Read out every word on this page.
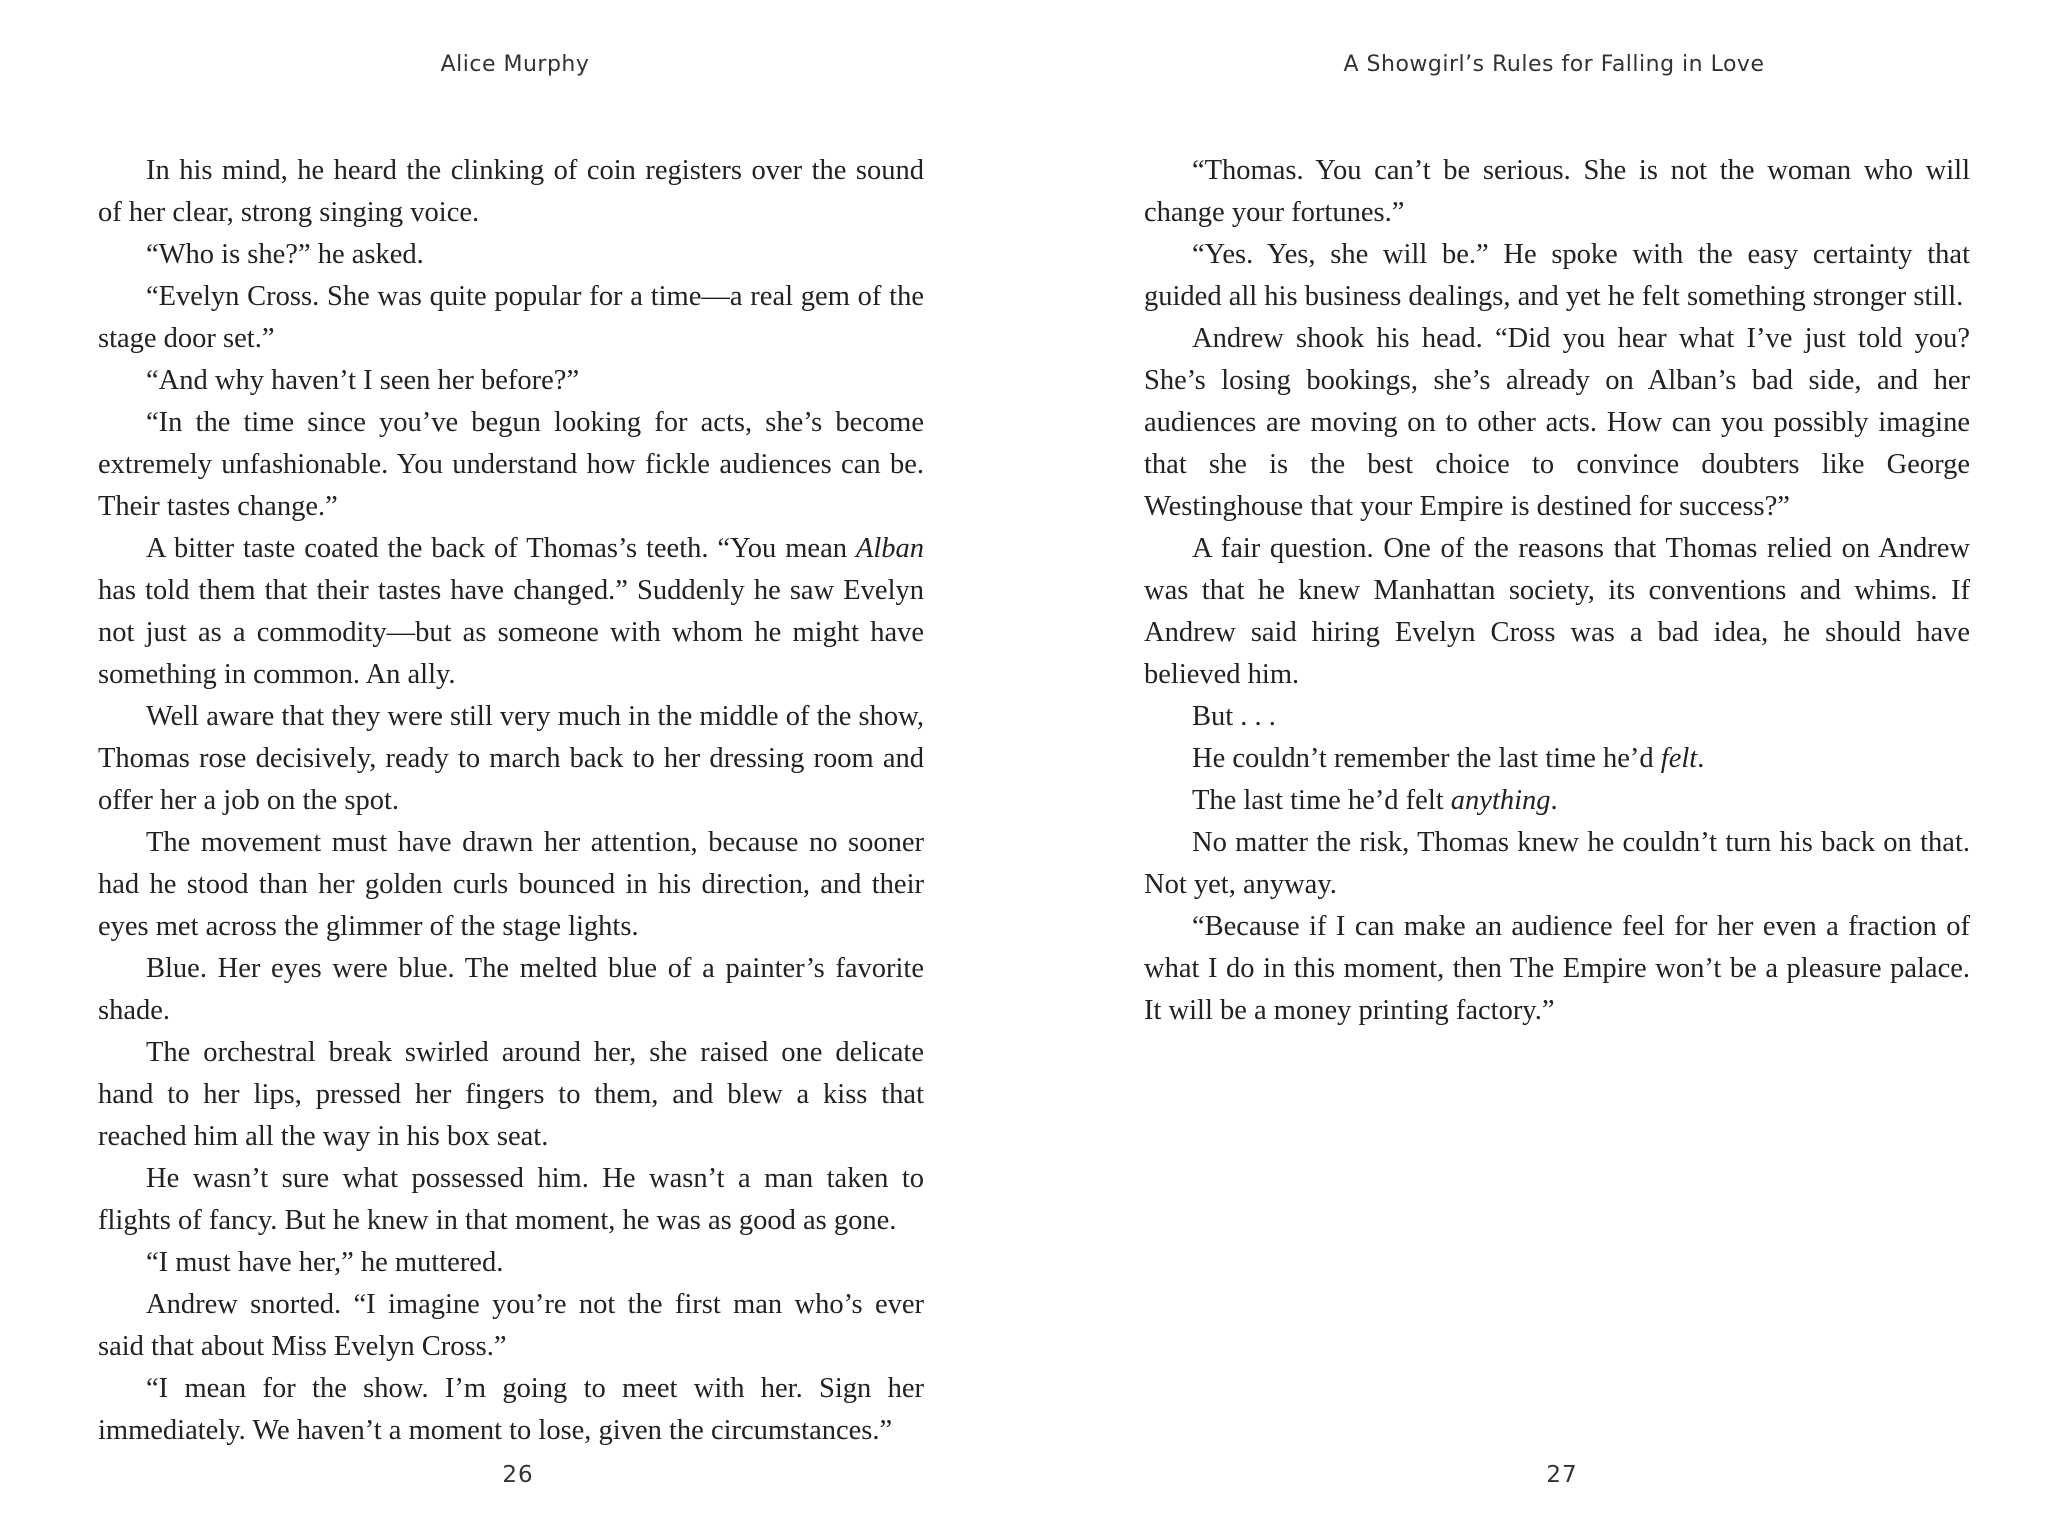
Alice Murphy

In his mind, he heard the clinking of coin registers over the sound of her clear, strong singing voice.

“Who is she?” he asked.

“Evelyn Cross. She was quite popular for a time—a real gem of the stage door set.”

“And why haven’t I seen her before?”

“In the time since you’ve begun looking for acts, she’s become extremely unfashionable. You understand how fickle audiences can be. Their tastes change.”

A bitter taste coated the back of Thomas’s teeth. “You mean Alban has told them that their tastes have changed.” Suddenly he saw Evelyn not just as a commodity—but as someone with whom he might have something in common. An ally.

Well aware that they were still very much in the middle of the show, Thomas rose decisively, ready to march back to her dressing room and offer her a job on the spot.

The movement must have drawn her attention, because no sooner had he stood than her golden curls bounced in his direction, and their eyes met across the glimmer of the stage lights.

Blue. Her eyes were blue. The melted blue of a painter’s favorite shade.

The orchestral break swirled around her, she raised one delicate hand to her lips, pressed her fingers to them, and blew a kiss that reached him all the way in his box seat.

He wasn’t sure what possessed him. He wasn’t a man taken to flights of fancy. But he knew in that moment, he was as good as gone.

“I must have her,” he muttered.

Andrew snorted. “I imagine you’re not the first man who’s ever said that about Miss Evelyn Cross.”

“I mean for the show. I’m going to meet with her. Sign her immediately. We haven’t a moment to lose, given the circumstances.”

26
A Showgirl’s Rules for Falling in Love

“Thomas. You can’t be serious. She is not the woman who will change your fortunes.”

“Yes. Yes, she will be.” He spoke with the easy certainty that guided all his business dealings, and yet he felt something stronger still.

Andrew shook his head. “Did you hear what I’ve just told you? She’s losing bookings, she’s already on Alban’s bad side, and her audiences are moving on to other acts. How can you possibly imagine that she is the best choice to convince doubters like George Westinghouse that your Empire is destined for success?”

A fair question. One of the reasons that Thomas relied on Andrew was that he knew Manhattan society, its conventions and whims. If Andrew said hiring Evelyn Cross was a bad idea, he should have believed him.

But . . .

He couldn’t remember the last time he’d felt.

The last time he’d felt anything.

No matter the risk, Thomas knew he couldn’t turn his back on that. Not yet, anyway.

“Because if I can make an audience feel for her even a fraction of what I do in this moment, then The Empire won’t be a pleasure palace. It will be a money printing factory.”

27
